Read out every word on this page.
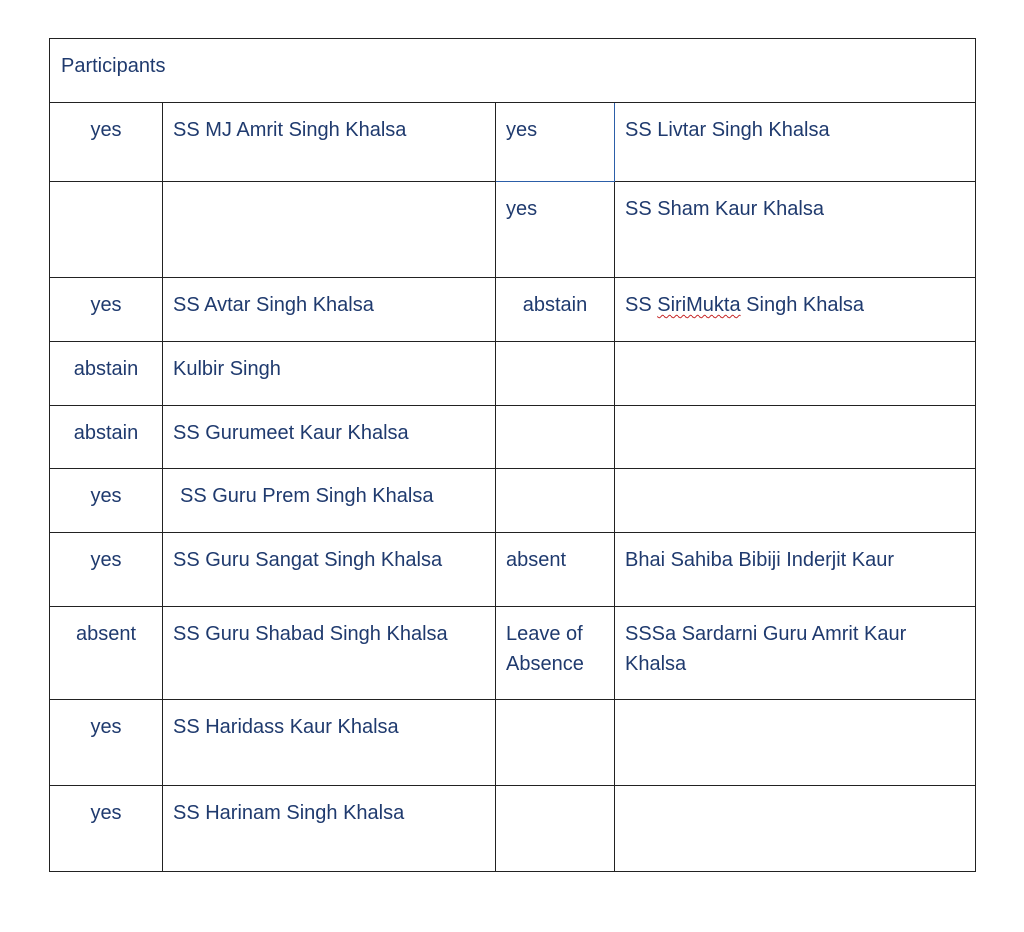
Participants			

yes	SS MJ Amrit Singh Khalsa	yes	SS Livtar Singh Khalsa

		yes	SS Sham Kaur Khalsa

yes	SS Avtar Singh Khalsa	abstain	SS SiriMukta Singh Khalsa

abstain	Kulbir Singh		

abstain	SS Gurumeet Kaur Khalsa		

yes	SS Guru Prem Singh Khalsa		

yes	SS Guru Sangat Singh Khalsa	absent	Bhai Sahiba Bibiji Inderjit Kaur

absent	SS Guru Shabad Singh Khalsa	Leave of Absence	SSSa Sardarni Guru Amrit Kaur Khalsa

yes	SS Haridass Kaur Khalsa		

yes	SS Harinam Singh Khalsa		
